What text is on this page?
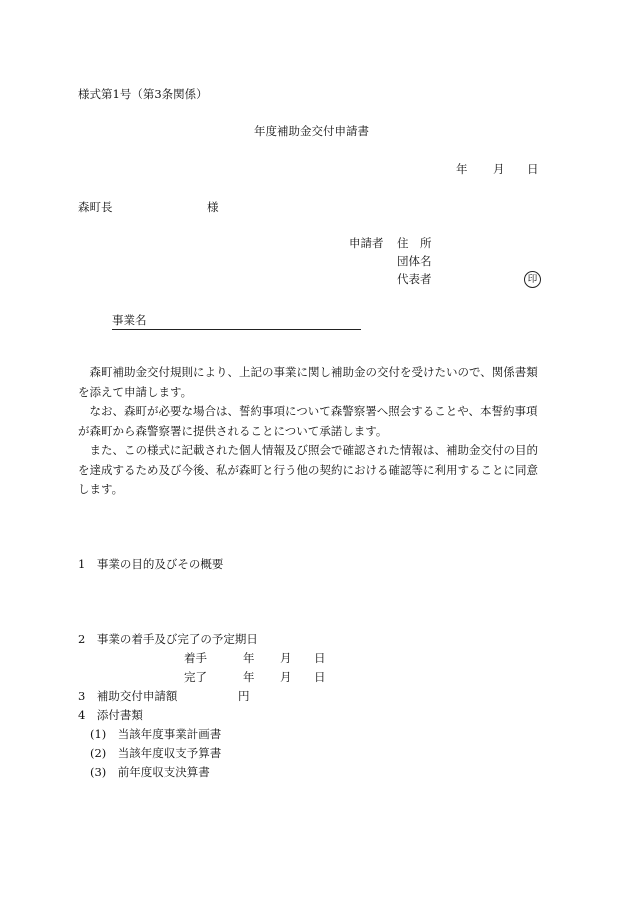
様式第1号（第3条関係）
年度補助金交付申請書
年 月 日
森町長	様
申請者 住　所
団体名
代表者	印
事業名
森町補助金交付規則により、上記の事業に関し補助金の交付を受けたいので、関係書類を添えて申請します。
なお、森町が必要な場合は、誓約事項について森警察署へ照会することや、本誓約事項が森町から森警察署に提供されることについて承諾します。
また、この様式に記載された個人情報及び照会で確認された情報は、補助金交付の目的を達成するため及び今後、私が森町と行う他の契約における確認等に利用することに同意します。
1　事業の目的及びその概要
2　事業の着手及び完了の予定期日
着手	年 月 日
完了	年 月 日
3　補助交付申請額	円
4　添付書類
(1)　当該年度事業計画書
(2)　当該年度収支予算書
(3)　前年度収支決算書
